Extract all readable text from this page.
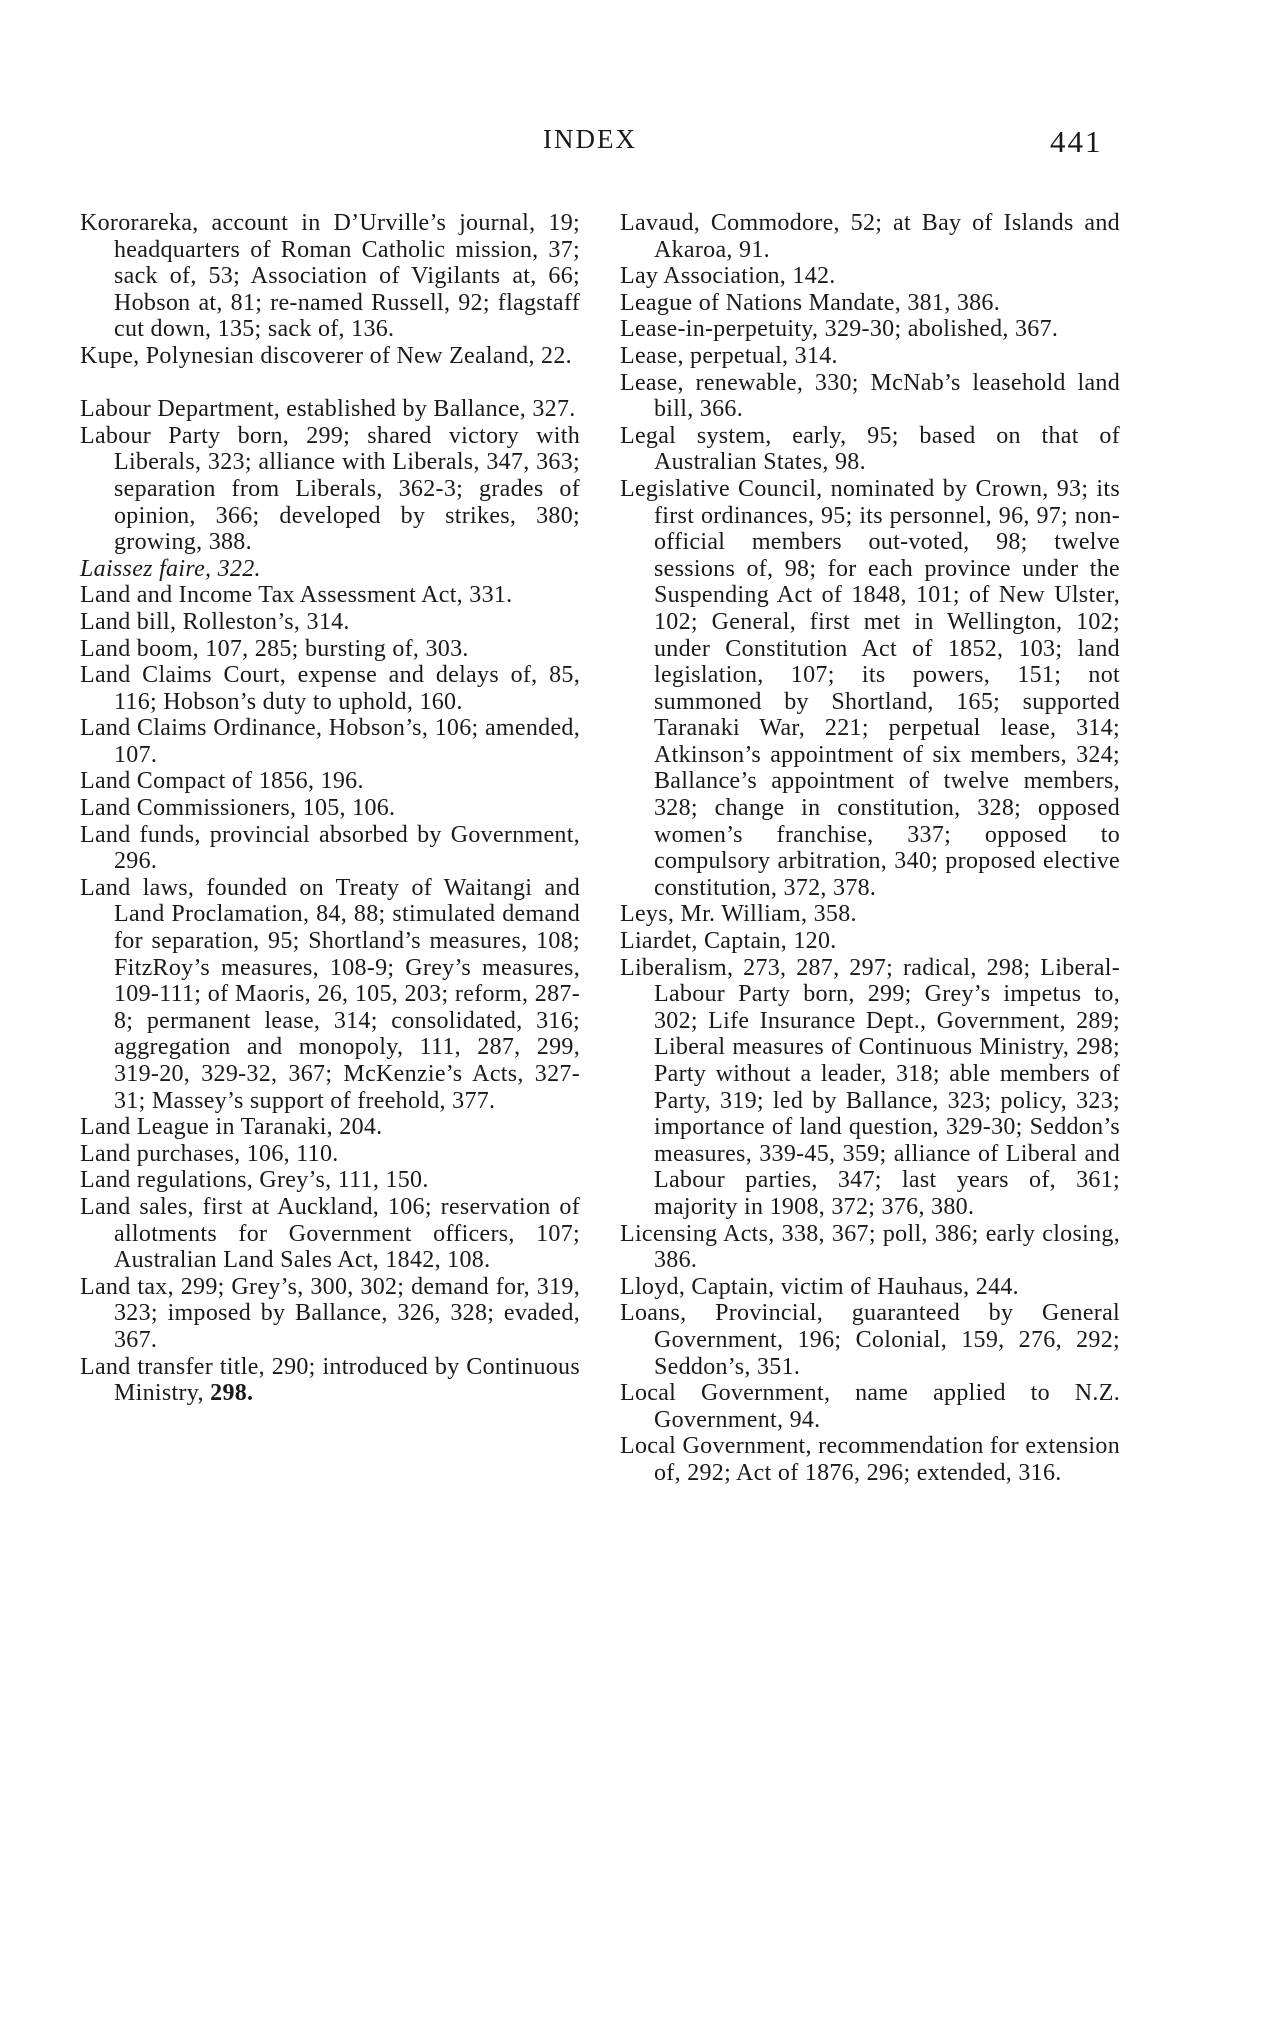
INDEX	441

Kororareka, account in D’Urville’s journal, 19; headquarters of Roman Catholic mission, 37; sack of, 53; Association of Vigilants at, 66; Hobson at, 81; re-named Russell, 92; flagstaff cut down, 135; sack of, 136.

Kupe, Polynesian discoverer of New Zealand, 22.

Labour Department, established by Ballance, 327.

Labour Party born, 299; shared victory with Liberals, 323; alliance with Liberals, 347, 363; separation from Liberals, 362-3; grades of opinion, 366; developed by strikes, 380; growing, 388.

Laissez faire, 322.

Land and Income Tax Assessment Act, 331.

Land bill, Rolleston’s, 314.

Land boom, 107, 285; bursting of, 303.

Land Claims Court, expense and delays of, 85, 116; Hobson’s duty to uphold, 160.

Land Claims Ordinance, Hobson’s, 106; amended, 107.

Land Compact of 1856, 196.

Land Commissioners, 105, 106.

Land funds, provincial absorbed by Government, 296.

Land laws, founded on Treaty of Waitangi and Land Proclamation, 84, 88; stimulated demand for separation, 95; Shortland’s measures, 108; FitzRoy’s measures, 108-9; Grey’s measures, 109-111; of Maoris, 26, 105, 203; reform, 287-8; permanent lease, 314; consolidated, 316; aggregation and monopoly, 111, 287, 299, 319-20, 329-32, 367; McKenzie’s Acts, 327-31; Massey’s support of freehold, 377.

Land League in Taranaki, 204.

Land purchases, 106, 110.

Land regulations, Grey’s, 111, 150.

Land sales, first at Auckland, 106; reservation of allotments for Government officers, 107; Australian Land Sales Act, 1842, 108.

Land tax, 299; Grey’s, 300, 302; demand for, 319, 323; imposed by Ballance, 326, 328; evaded, 367.

Land transfer title, 290; introduced by Continuous Ministry, 298.

Lavaud, Commodore, 52; at Bay of Islands and Akaroa, 91.

Lay Association, 142.

League of Nations Mandate, 381, 386.

Lease-in-perpetuity, 329-30; abolished, 367.

Lease, perpetual, 314.

Lease, renewable, 330; McNab’s leasehold land bill, 366.

Legal system, early, 95; based on that of Australian States, 98.

Legislative Council, nominated by Crown, 93; its first ordinances, 95; its personnel, 96, 97; non-official members out-voted, 98; twelve sessions of, 98; for each province under the Suspending Act of 1848, 101; of New Ulster, 102; General, first met in Wellington, 102; under Constitution Act of 1852, 103; land legislation, 107; its powers, 151; not summoned by Shortland, 165; supported Taranaki War, 221; perpetual lease, 314; Atkinson’s appointment of six members, 324; Ballance’s appointment of twelve members, 328; change in constitution, 328; opposed women’s franchise, 337; opposed to compulsory arbitration, 340; proposed elective constitution, 372, 378.

Leys, Mr. William, 358.

Liardet, Captain, 120.

Liberalism, 273, 287, 297; radical, 298; Liberal-Labour Party born, 299; Grey’s impetus to, 302; Life Insurance Dept., Government, 289; Liberal measures of Continuous Ministry, 298; Party without a leader, 318; able members of Party, 319; led by Ballance, 323; policy, 323; importance of land question, 329-30; Seddon’s measures, 339-45, 359; alliance of Liberal and Labour parties, 347; last years of, 361; majority in 1908, 372; 376, 380.

Licensing Acts, 338, 367; poll, 386; early closing, 386.

Lloyd, Captain, victim of Hauhaus, 244.

Loans, Provincial, guaranteed by General Government, 196; Colonial, 159, 276, 292; Seddon’s, 351.

Local Government, name applied to N.Z. Government, 94.

Local Government, recommendation for extension of, 292; Act of 1876, 296; extended, 316.
